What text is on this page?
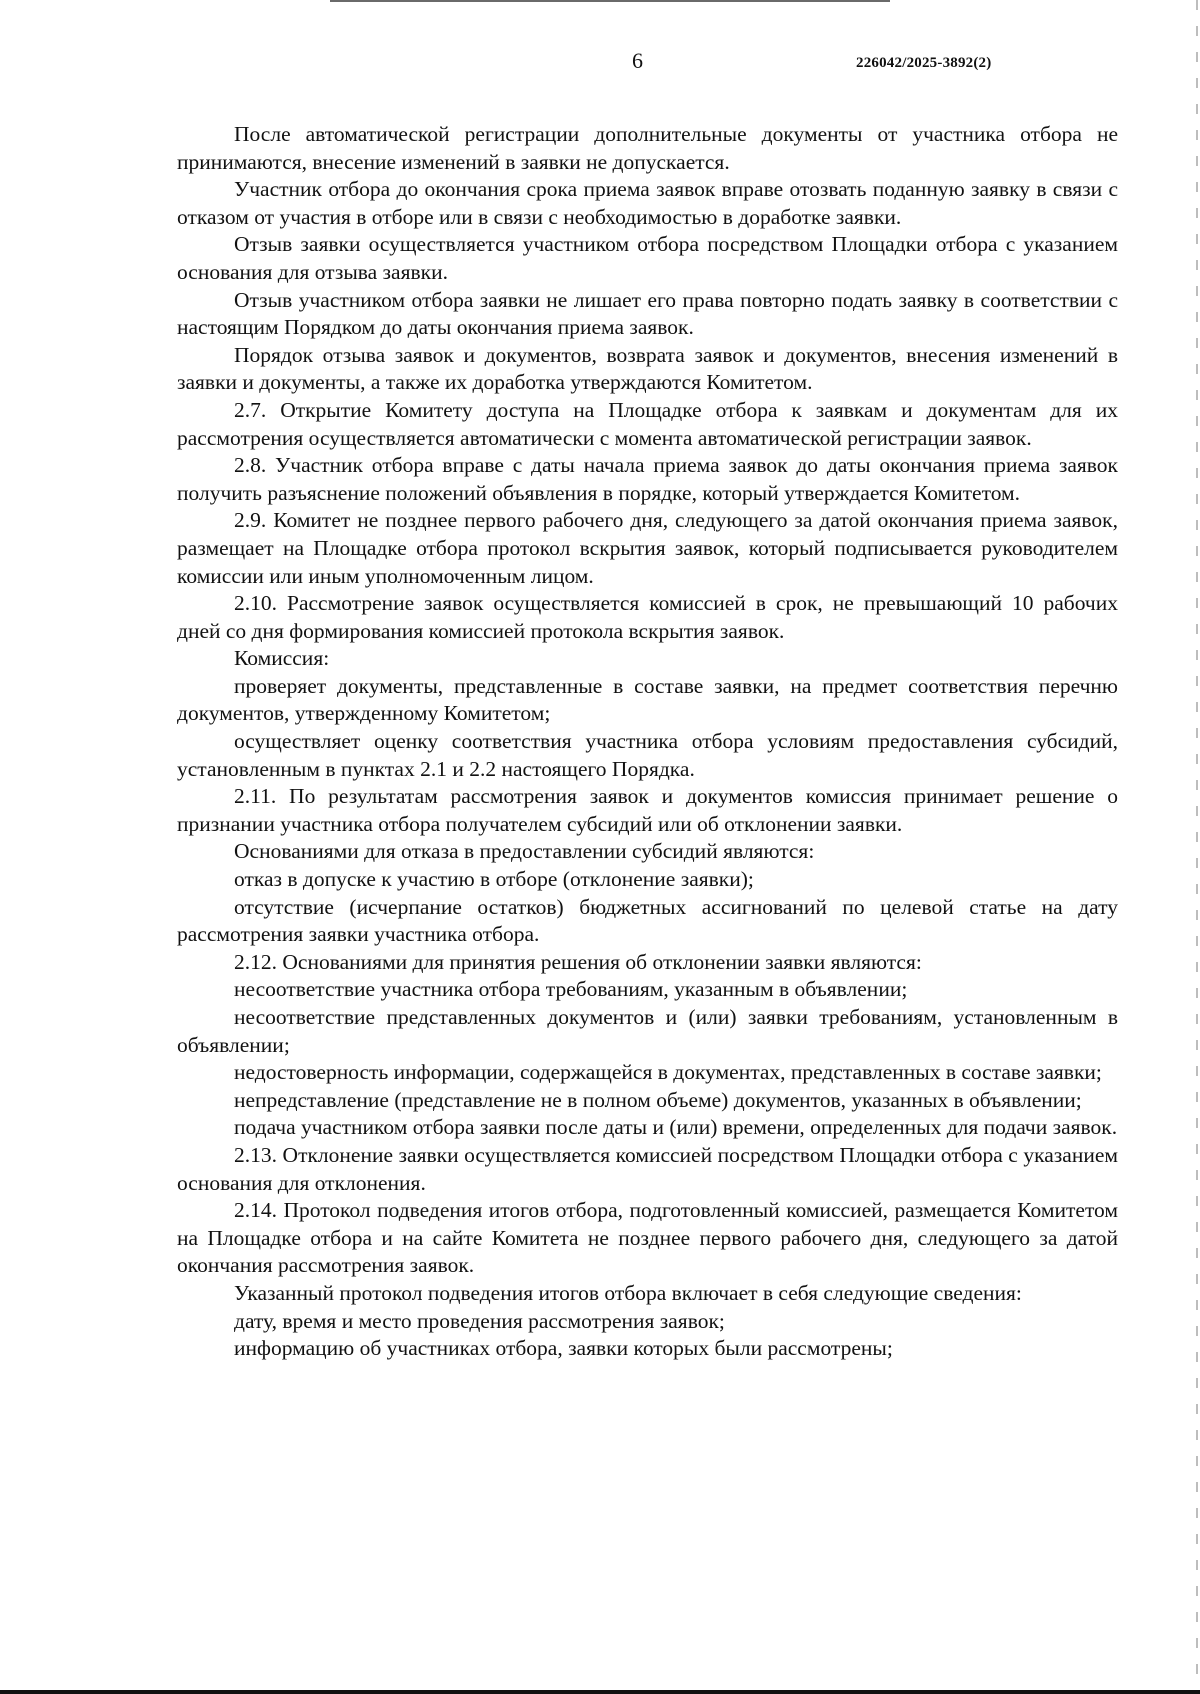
6	226042/2025-3892(2)

После автоматической регистрации дополнительные документы от участника отбора не принимаются, внесение изменений в заявки не допускается.

Участник отбора до окончания срока приема заявок вправе отозвать поданную заявку в связи с отказом от участия в отборе или в связи с необходимостью в доработке заявки.

Отзыв заявки осуществляется участником отбора посредством Площадки отбора с указанием основания для отзыва заявки.

Отзыв участником отбора заявки не лишает его права повторно подать заявку в соответствии с настоящим Порядком до даты окончания приема заявок.

Порядок отзыва заявок и документов, возврата заявок и документов, внесения изменений в заявки и документы, а также их доработка утверждаются Комитетом.

2.7. Открытие Комитету доступа на Площадке отбора к заявкам и документам для их рассмотрения осуществляется автоматически с момента автоматической регистрации заявок.

2.8. Участник отбора вправе с даты начала приема заявок до даты окончания приема заявок получить разъяснение положений объявления в порядке, который утверждается Комитетом.

2.9. Комитет не позднее первого рабочего дня, следующего за датой окончания приема заявок, размещает на Площадке отбора протокол вскрытия заявок, который подписывается руководителем комиссии или иным уполномоченным лицом.

2.10. Рассмотрение заявок осуществляется комиссией в срок, не превышающий 10 рабочих дней со дня формирования комиссией протокола вскрытия заявок.

Комиссия:

проверяет документы, представленные в составе заявки, на предмет соответствия перечню документов, утвержденному Комитетом;

осуществляет оценку соответствия участника отбора условиям предоставления субсидий, установленным в пунктах 2.1 и 2.2 настоящего Порядка.

2.11. По результатам рассмотрения заявок и документов комиссия принимает решение о признании участника отбора получателем субсидий или об отклонении заявки.

Основаниями для отказа в предоставлении субсидий являются:

отказ в допуске к участию в отборе (отклонение заявки);

отсутствие (исчерпание остатков) бюджетных ассигнований по целевой статье на дату рассмотрения заявки участника отбора.

2.12. Основаниями для принятия решения об отклонении заявки являются:

несоответствие участника отбора требованиям, указанным в объявлении;

несоответствие представленных документов и (или) заявки требованиям, установленным в объявлении;

недостоверность информации, содержащейся в документах, представленных в составе заявки;

непредставление (представление не в полном объеме) документов, указанных в объявлении;

подача участником отбора заявки после даты и (или) времени, определенных для подачи заявок.

2.13. Отклонение заявки осуществляется комиссией посредством Площадки отбора с указанием основания для отклонения.

2.14. Протокол подведения итогов отбора, подготовленный комиссией, размещается Комитетом на Площадке отбора и на сайте Комитета не позднее первого рабочего дня, следующего за датой окончания рассмотрения заявок.

Указанный протокол подведения итогов отбора включает в себя следующие сведения:

дату, время и место проведения рассмотрения заявок;

информацию об участниках отбора, заявки которых были рассмотрены;
